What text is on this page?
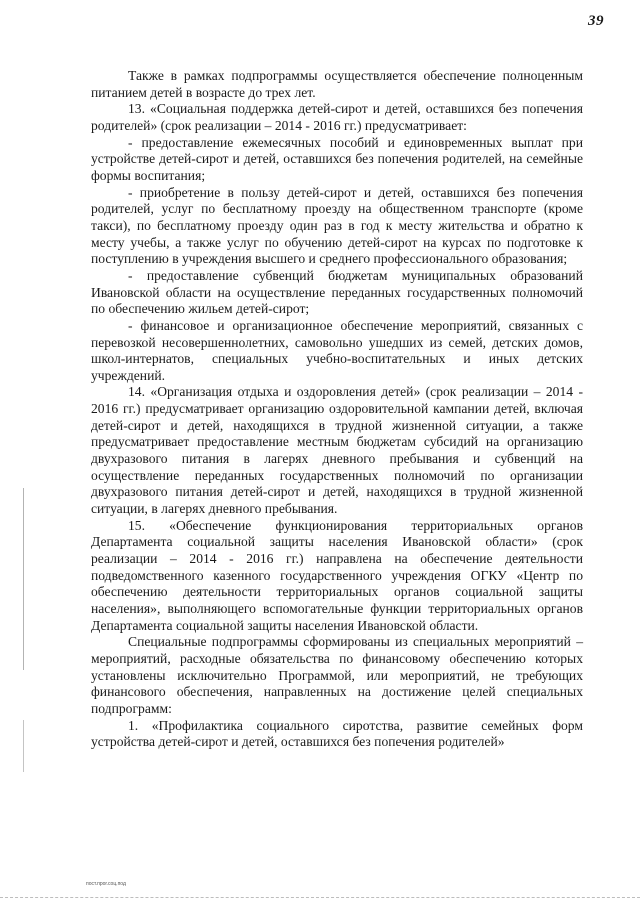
39

Также в рамках подпрограммы осуществляется обеспечение полноценным питанием детей в возрасте до трех лет.

13. «Социальная поддержка детей-сирот и детей, оставшихся без попечения родителей» (срок реализации – 2014 - 2016 гг.) предусматривает:

- предоставление ежемесячных пособий и единовременных выплат при устройстве детей-сирот и детей, оставшихся без попечения родителей, на семейные формы воспитания;

- приобретение в пользу детей-сирот и детей, оставшихся без попечения родителей, услуг по бесплатному проезду на общественном транспорте (кроме такси), по бесплатному проезду один раз в год к месту жительства и обратно к месту учебы, а также услуг по обучению детей-сирот на курсах по подготовке к поступлению в учреждения высшего и среднего профессионального образования;

- предоставление субвенций бюджетам муниципальных образований Ивановской области на осуществление переданных государственных полномочий по обеспечению жильем детей-сирот;

- финансовое и организационное обеспечение мероприятий, связанных с перевозкой несовершеннолетних, самовольно ушедших из семей, детских домов, школ-интернатов, специальных учебно-воспитательных и иных детских учреждений.

14. «Организация отдыха и оздоровления детей» (срок реализации – 2014 - 2016 гг.) предусматривает организацию оздоровительной кампании детей, включая детей-сирот и детей, находящихся в трудной жизненной ситуации, а также предусматривает предоставление местным бюджетам субсидий на организацию двухразового питания в лагерях дневного пребывания и субвенций на осуществление переданных государственных полномочий по организации двухразового питания детей-сирот и детей, находящихся в трудной жизненной ситуации, в лагерях дневного пребывания.

15. «Обеспечение функционирования территориальных органов Департамента социальной защиты населения Ивановской области» (срок реализации – 2014 - 2016 гг.) направлена на обеспечение деятельности подведомственного казенного государственного учреждения ОГКУ «Центр по обеспечению деятельности территориальных органов социальной защиты населения», выполняющего вспомогательные функции территориальных органов Департамента социальной защиты населения Ивановской области.

Специальные подпрограммы сформированы из специальных мероприятий – мероприятий, расходные обязательства по финансовому обеспечению которых установлены исключительно Программой, или мероприятий, не требующих финансового обеспечения, направленных на достижение целей специальных подпрограмм:

1. «Профилактика социального сиротства, развитие семейных форм устройства детей-сирот и детей, оставшихся без попечения родителей»

пост.прог.соц.под
